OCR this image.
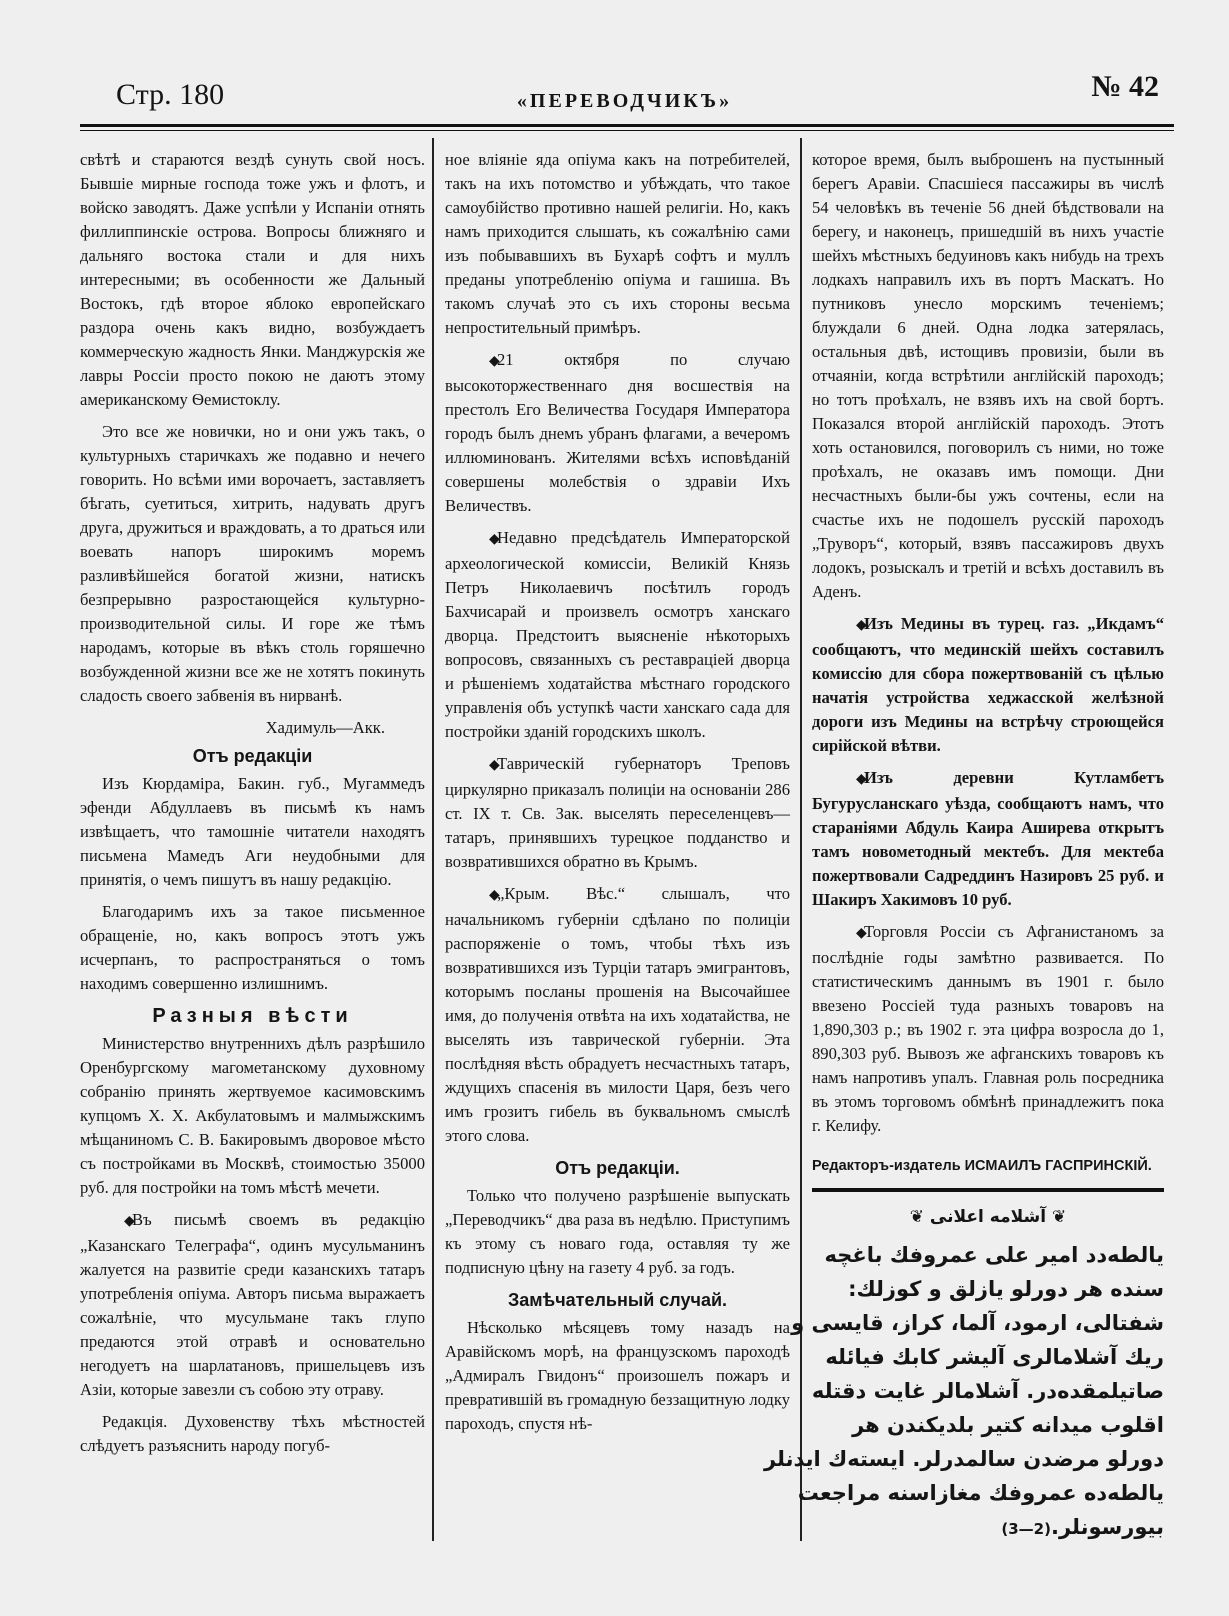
Стр. 180	«ПЕРЕВОДЧИКЪ»	№ 42

свѣтѣ и стараются вездѣ сунуть свой носъ. Бывшіе мирные господа тоже ужъ и флотъ, и войско заводятъ. Даже успѣли у Испаніи отнять филлиппинскіе острова. Вопросы ближняго и дальняго востока стали и для нихъ интересными; въ особенности же Дальный Востокъ, гдѣ второе яблоко европейскаго раздора очень какъ видно, возбуждаетъ коммерческую жадность Янки. Манджурскія же лавры Россіи просто покою не даютъ этому американскому Ѳемистоклу.

Это все же новички, но и они ужъ такъ, о культурныхъ старичкахъ же подавно и нечего говорить. Но всѣми ими ворочаетъ, заставляетъ бѣгать, суетиться, хитрить, надувать другъ друга, дружиться и враждовать, а то драться или воевать напоръ широкимъ моремъ разливѣйшейся богатой жизни, натискъ безпрерывно разростающейся культурно-производительной силы. И горе же тѣмъ народамъ, которые въ вѣкъ столь горяшечно возбужденной жизни все же не хотятъ покинуть сладость своего забвенія въ нирванѣ.

Хадимуль—Акк.
Отъ редакціи

Изъ Кюрдаміра, Бакин. губ., Мугаммедъ эфенди Абдуллаевъ въ письмѣ къ намъ извѣщаетъ, что тамошніе читатели находятъ письмена Мамедъ Аги неудобными для принятія, о чемъ пишутъ въ нашу редакцію.

Благодаримъ ихъ за такое письменное обращеніе, но, какъ вопросъ этотъ ужъ исчерпанъ, то распространяться о томъ находимъ совершенно излишнимъ.

Разныя вѣсти

Министерство внутреннихъ дѣлъ разрѣшило Оренбургскому магометанскому духовному собранію принять жертвуемое касимовскимъ купцомъ Х. Х. Акбулатовымъ и малмыжскимъ мѣщаниномъ С. В. Бакировымъ дворовое мѣсто съ постройками въ Москвѣ, стоимостью 35000 руб. для постройки на томъ мѣстѣ мечети.

◆Въ письмѣ своемъ въ редакцію „Казанскаго Телеграфа“, одинъ мусульманинъ жалуется на развитіе среди казанскихъ татаръ употребленія опіума. Авторъ письма выражаетъ сожалѣніе, что мусульмане такъ глупо предаются этой отравѣ и основательно негодуетъ на шарлатановъ, пришельцевъ изъ Азіи, которые завезли съ собою эту отраву.

Редакція. Духовенству тѣхъ мѣстностей слѣдуетъ разъяснить народу погуб-

ное вліяніе яда опіума какъ на потребителей, такъ на ихъ потомство и убѣждать, что такое самоубійство противно нашей религіи. Но, какъ намъ приходится слышать, къ сожалѣнію сами изъ побывавшихъ въ Бухарѣ софтъ и муллъ преданы употребленію опіума и гашиша. Въ такомъ случаѣ это съ ихъ стороны весьма непростительный примѣръ.

◆21 октября по случаю высокоторжественнаго дня восшествія на престолъ Его Величества Государя Императора городъ былъ днемъ убранъ флагами, а вечеромъ иллюминованъ. Жителями всѣхъ исповѣданій совершены молебствія о здравіи Ихъ Величествъ.

◆Недавно предсѣдатель Императорской археологической комиссіи, Великій Князь Петръ Николаевичъ посѣтилъ городъ Бахчисарай и произвелъ осмотръ ханскаго дворца. Предстоитъ выясненіе нѣкоторыхъ вопросовъ, связанныхъ съ реставраціей дворца и рѣшеніемъ ходатайства мѣстнаго городского управленія объ уступкѣ части ханскаго сада для постройки зданій городскихъ школъ.

◆Таврическій губернаторъ Треповъ циркулярно приказалъ полиціи на основаніи 286 ст. IX т. Св. Зак. выселять переселенцевъ—татаръ, принявшихъ турецкое подданство и возвратившихся обратно въ Крымъ.

◆„Крым. Вѣс.“ слышалъ, что начальникомъ губерніи сдѣлано по полиціи распоряженіе о томъ, чтобы тѣхъ изъ возвратившихся изъ Турціи татаръ эмигрантовъ, которымъ посланы прошенія на Высочайшее имя, до полученія отвѣта на ихъ ходатайства, не выселять изъ таврической губерніи. Эта послѣдняя вѣсть обрадуетъ несчастныхъ татаръ, ждущихъ спасенія въ милости Царя, безъ чего имъ грозитъ гибель въ буквальномъ смыслѣ этого слова.

Отъ редакціи.

Только что получено разрѣшеніе выпускать „Переводчикъ“ два раза въ недѣлю. Приступимъ къ этому съ новаго года, оставляя ту же подписную цѣну на газету 4 руб. за годъ.

Замѣчательный случай.

Нѣсколько мѣсяцевъ тому назадъ на Аравійскомъ морѣ, на французскомъ пароходѣ „Адмиралъ Гвидонъ“ произошелъ пожаръ и превратившій въ громадную беззащитную лодку пароходъ, спустя нѣ-

которое время, былъ выброшенъ на пустынный берегъ Аравіи. Спасшіеся пассажиры въ числѣ 54 человѣкъ въ теченіе 56 дней бѣдствовали на берегу, и наконецъ, пришедшій въ нихъ участіе шейхъ мѣстныхъ бедуиновъ какъ нибудь на трехъ лодкахъ направилъ ихъ въ портъ Маскатъ. Но путниковъ унесло морскимъ теченіемъ; блуждали 6 дней. Одна лодка затерялась, остальныя двѣ, истощивъ провизіи, были въ отчаяніи, когда встрѣтили англійскій пароходъ; но тотъ проѣхалъ, не взявъ ихъ на свой бортъ. Показался второй англійскій пароходъ. Этотъ хоть остановился, поговорилъ съ ними, но тоже проѣхалъ, не оказавъ имъ помощи. Дни несчастныхъ были-бы ужъ сочтены, если на счастье ихъ не подошелъ русскій пароходъ „Труворъ“, который, взявъ пассажировъ двухъ лодокъ, розыскалъ и третій и всѣхъ доставилъ въ Аденъ.

◆Изъ Медины въ турец. газ. „Икдамъ“ сообщаютъ, что мединскій шейхъ составилъ комиссію для сбора пожертвованій съ цѣлью начатія устройства хеджасской желѣзной дороги изъ Медины на встрѣчу строющейся сирійской вѣтви.

◆Изъ деревни Кутламбетъ Бугурусланскаго уѣзда, сообщаютъ намъ, что стараніями Абдуль Каира Аширева открытъ тамъ новометодный мектебъ. Для мектеба пожертвовали Садреддинъ Назировъ 25 руб. и Шакиръ Хакимовъ 10 руб.

◆Торговля Россіи съ Афганистаномъ за послѣдніе годы замѣтно развивается. По статистическимъ даннымъ въ 1901 г. было ввезено Россіей туда разныхъ товаровъ на 1,890,303 р.; въ 1902 г. эта цифра возросла до 1, 890,303 руб. Вывозъ же афганскихъ товаровъ къ намъ напротивъ упалъ. Главная роль посредника въ этомъ торговомъ обмѣнѣ принадлежитъ пока г. Келифу.

Редакторъ-издатель ИСМАИЛЪ ГАСПРИНСКІЙ.
❦ آشلامه اعلانی ❦
يالطه‌دد امير على عمروفك باغچه
سنده هر دورلو يازلق و كوزلك:
شفتالى، ارمود، آلما، كراز، قايسى و
ريك آشلامالرى آليشر كابك فيائله
صاتيلمقده‌در. آشلامالر غايت دقتله
اقلوب ميدانه كتير بلديكندن هر
دورلو مرضدن سالمدرلر. ايسته‌ك ايدنلر
يالطه‌ده عمروفك مغازاسنه مراجعت
بيورسونلر.(3—2)
